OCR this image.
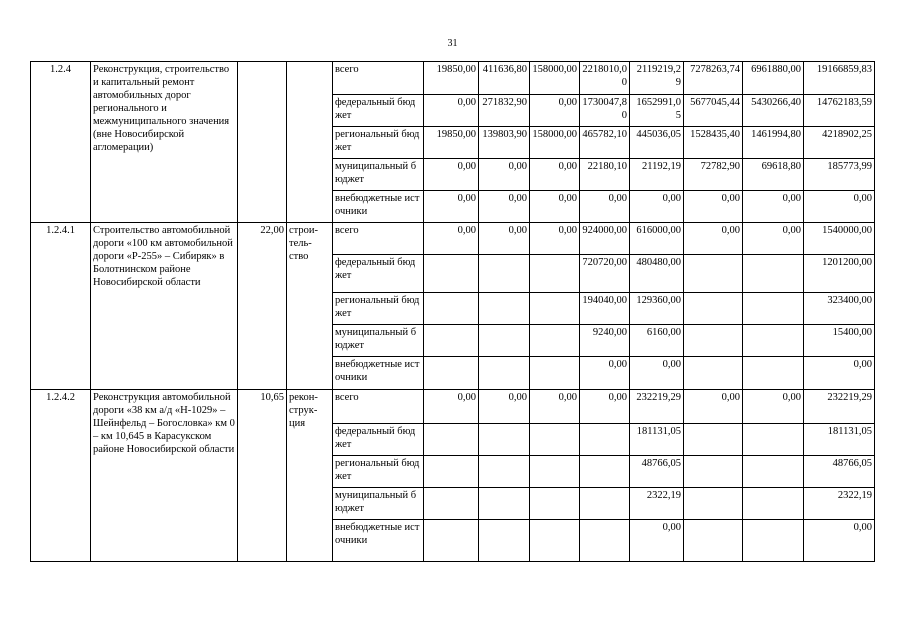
31
1.2.4	Реконструкция, строительство и капитальный ремонт автомобильных дорог регионального и межмуниципального значения (вне Новосибирской агломерации)			всего	19850,00	411636,80	158000,00	2218010,00	2119219,29	7278263,74	6961880,00	19166859,83
				федеральный бюджет	0,00	271832,90	0,00	1730047,80	1652991,05	5677045,44	5430266,40	14762183,59
				региональный бюджет	19850,00	139803,90	158000,00	465782,10	445036,05	1528435,40	1461994,80	4218902,25
				муниципальный бюджет	0,00	0,00	0,00	22180,10	21192,19	72782,90	69618,80	185773,99
				внебюджетные источники	0,00	0,00	0,00	0,00	0,00	0,00	0,00	0,00
1.2.4.1	Строительство автомобильной дороги «100 км автомобильной дороги «Р-255» – Сибиряк» в Болотнинском районе Новосибирской области	22,00	строи-тель-ство	всего	0,00	0,00	0,00	924000,00	616000,00	0,00	0,00	1540000,00
				федеральный бюджет				720720,00	480480,00			1201200,00
				региональный бюджет				194040,00	129360,00			323400,00
				муниципальный бюджет				9240,00	6160,00			15400,00
				внебюджетные источники				0,00	0,00			0,00
1.2.4.2	Реконструкция автомобильной дороги «38 км а/д «Н-1029» – Шейнфельд – Богословка» км 0 – км 10,645 в Карасукском районе Новосибирской области	10,65	рекон-струк-ция	всего	0,00	0,00	0,00	0,00	232219,29	0,00	0,00	232219,29
				федеральный бюджет					181131,05			181131,05
				региональный бюджет					48766,05			48766,05
				муниципальный бюджет					2322,19			2322,19
				внебюджетные источники					0,00			0,00
